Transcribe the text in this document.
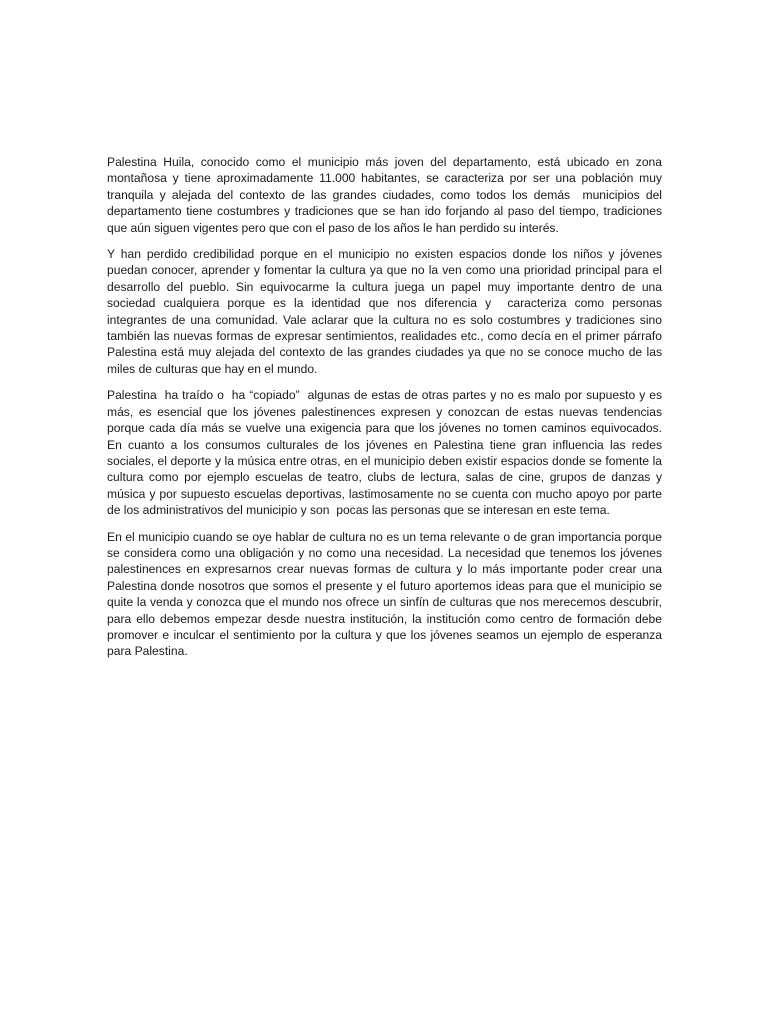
Palestina Huila, conocido como el municipio más joven del departamento, está ubicado en zona montañosa y tiene aproximadamente 11.000 habitantes, se caracteriza por ser una población muy tranquila y alejada del contexto de las grandes ciudades, como todos los demás  municipios del departamento tiene costumbres y tradiciones que se han ido forjando al paso del tiempo, tradiciones que aún siguen vigentes pero que con el paso de los años le han perdido su interés.

Y han perdido credibilidad porque en el municipio no existen espacios donde los niños y jóvenes puedan conocer, aprender y fomentar la cultura ya que no la ven como una prioridad principal para el desarrollo del pueblo. Sin equivocarme la cultura juega un papel muy importante dentro de una sociedad cualquiera porque es la identidad que nos diferencia y  caracteriza como personas integrantes de una comunidad. Vale aclarar que la cultura no es solo costumbres y tradiciones sino también las nuevas formas de expresar sentimientos, realidades etc., como decía en el primer párrafo Palestina está muy alejada del contexto de las grandes ciudades ya que no se conoce mucho de las miles de culturas que hay en el mundo.

Palestina  ha traído o  ha “copiado”  algunas de estas de otras partes y no es malo por supuesto y es más, es esencial que los jóvenes palestinences expresen y conozcan de estas nuevas tendencias porque cada día más se vuelve una exigencia para que los jóvenes no tomen caminos equivocados. En cuanto a los consumos culturales de los jóvenes en Palestina tiene gran influencia las redes sociales, el deporte y la música entre otras, en el municipio deben existir espacios donde se fomente la cultura como por ejemplo escuelas de teatro, clubs de lectura, salas de cine, grupos de danzas y música y por supuesto escuelas deportivas, lastimosamente no se cuenta con mucho apoyo por parte de los administrativos del municipio y son  pocas las personas que se interesan en este tema.

En el municipio cuando se oye hablar de cultura no es un tema relevante o de gran importancia porque se considera como una obligación y no como una necesidad. La necesidad que tenemos los jóvenes palestinences en expresarnos crear nuevas formas de cultura y lo más importante poder crear una Palestina donde nosotros que somos el presente y el futuro aportemos ideas para que el municipio se quite la venda y conozca que el mundo nos ofrece un sinfín de culturas que nos merecemos descubrir, para ello debemos empezar desde nuestra institución, la institución como centro de formación debe promover e inculcar el sentimiento por la cultura y que los jóvenes seamos un ejemplo de esperanza para Palestina.
